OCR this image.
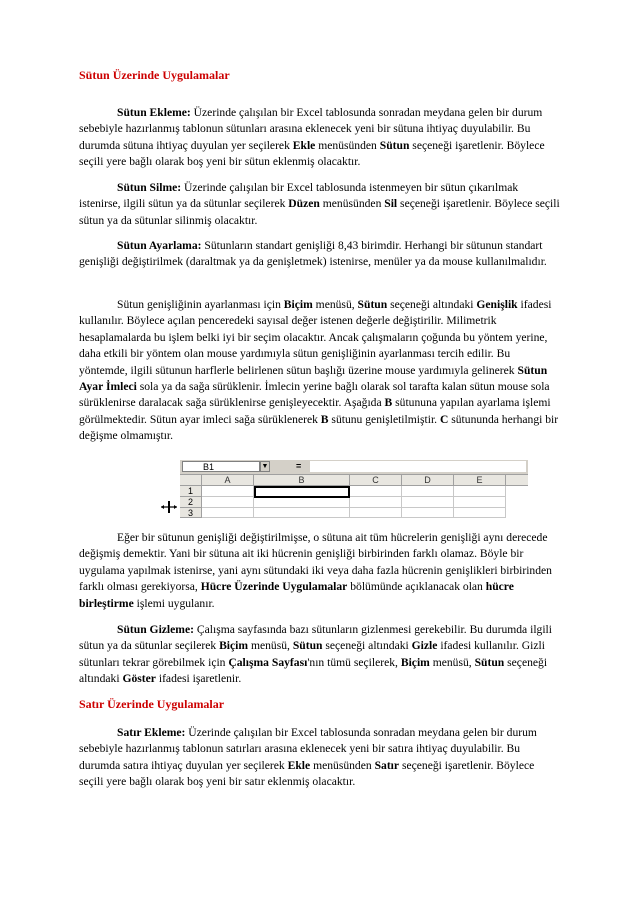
Sütun Üzerinde Uygulamalar
Sütun Ekleme: Üzerinde çalışılan bir Excel tablosunda sonradan meydana gelen bir durum sebebiyle hazırlanmış tablonun sütunları arasına eklenecek yeni bir sütuna ihtiyaç duyulabilir. Bu durumda sütuna ihtiyaç duyulan yer seçilerek Ekle menüsünden Sütun seçeneği işaretlenir. Böylece seçili yere bağlı olarak boş yeni bir sütun eklenmiş olacaktır.
Sütun Silme: Üzerinde çalışılan bir Excel tablosunda istenmeyen bir sütun çıkarılmak istenirse, ilgili sütun ya da sütunlar seçilerek Düzen menüsünden Sil seçeneği işaretlenir. Böylece seçili sütun ya da sütunlar silinmiş olacaktır.
Sütun Ayarlama: Sütunların standart genişliği 8,43 birimdir. Herhangi bir sütunun standart genişliği değiştirilmek (daraltmak ya da genişletmek) istenirse, menüler ya da mouse kullanılmalıdır.
Sütun genişliğinin ayarlanması için Biçim menüsü, Sütun seçeneği altındaki Genişlik ifadesi kullanılır. Böylece açılan penceredeki sayısal değer istenen değerle değiştirilir. Milimetrik hesaplamalarda bu işlem belki iyi bir seçim olacaktır. Ancak çalışmaların çoğunda bu yöntem yerine, daha etkili bir yöntem olan mouse yardımıyla sütun genişliğinin ayarlanması tercih edilir. Bu yöntemde, ilgili sütunun harflerle belirlenen sütun başlığı üzerine mouse yardımıyla gelinerek Sütun Ayar İmleci sola ya da sağa sürüklenir. İmlecin yerine bağlı olarak sol tarafta kalan sütun mouse sola sürüklenirse daralacak sağa sürüklenirse genişleyecektir. Aşağıda B sütununa yapılan ayarlama işlemi görülmektedir. Sütun ayar imleci sağa sürüklenerek B sütunu genişletilmiştir. C sütununda herhangi bir değişme olmamıştır.
Eğer bir sütunun genişliği değiştirilmişse, o sütuna ait tüm hücrelerin genişliği aynı derecede değişmiş demektir. Yani bir sütuna ait iki hücrenin genişliği birbirinden farklı olamaz. Böyle bir uygulama yapılmak istenirse, yani aynı sütundaki iki veya daha fazla hücrenin genişlikleri birbirinden farklı olması gerekiyorsa, Hücre Üzerinde Uygulamalar bölümünde açıklanacak olan hücre birleştirme işlemi uygulanır.
Sütun Gizleme: Çalışma sayfasında bazı sütunların gizlenmesi gerekebilir. Bu durumda ilgili sütun ya da sütunlar seçilerek Biçim menüsü, Sütun seçeneği altındaki Gizle ifadesi kullanılır. Gizli sütunları tekrar görebilmek için Çalışma Sayfası'nın tümü seçilerek, Biçim menüsü, Sütun seçeneği altındaki Göster ifadesi işaretlenir.
Satır Üzerinde Uygulamalar
Satır Ekleme: Üzerinde çalışılan bir Excel tablosunda sonradan meydana gelen bir durum sebebiyle hazırlanmış tablonun satırları arasına eklenecek yeni bir satıra ihtiyaç duyulabilir. Bu durumda satıra ihtiyaç duyulan yer seçilerek Ekle menüsünden Satır seçeneği işaretlenir. Böylece seçili yere bağlı olarak boş yeni bir satır eklenmiş olacaktır.
B1	▼	=
A	B	C	D	E
1
2
3
